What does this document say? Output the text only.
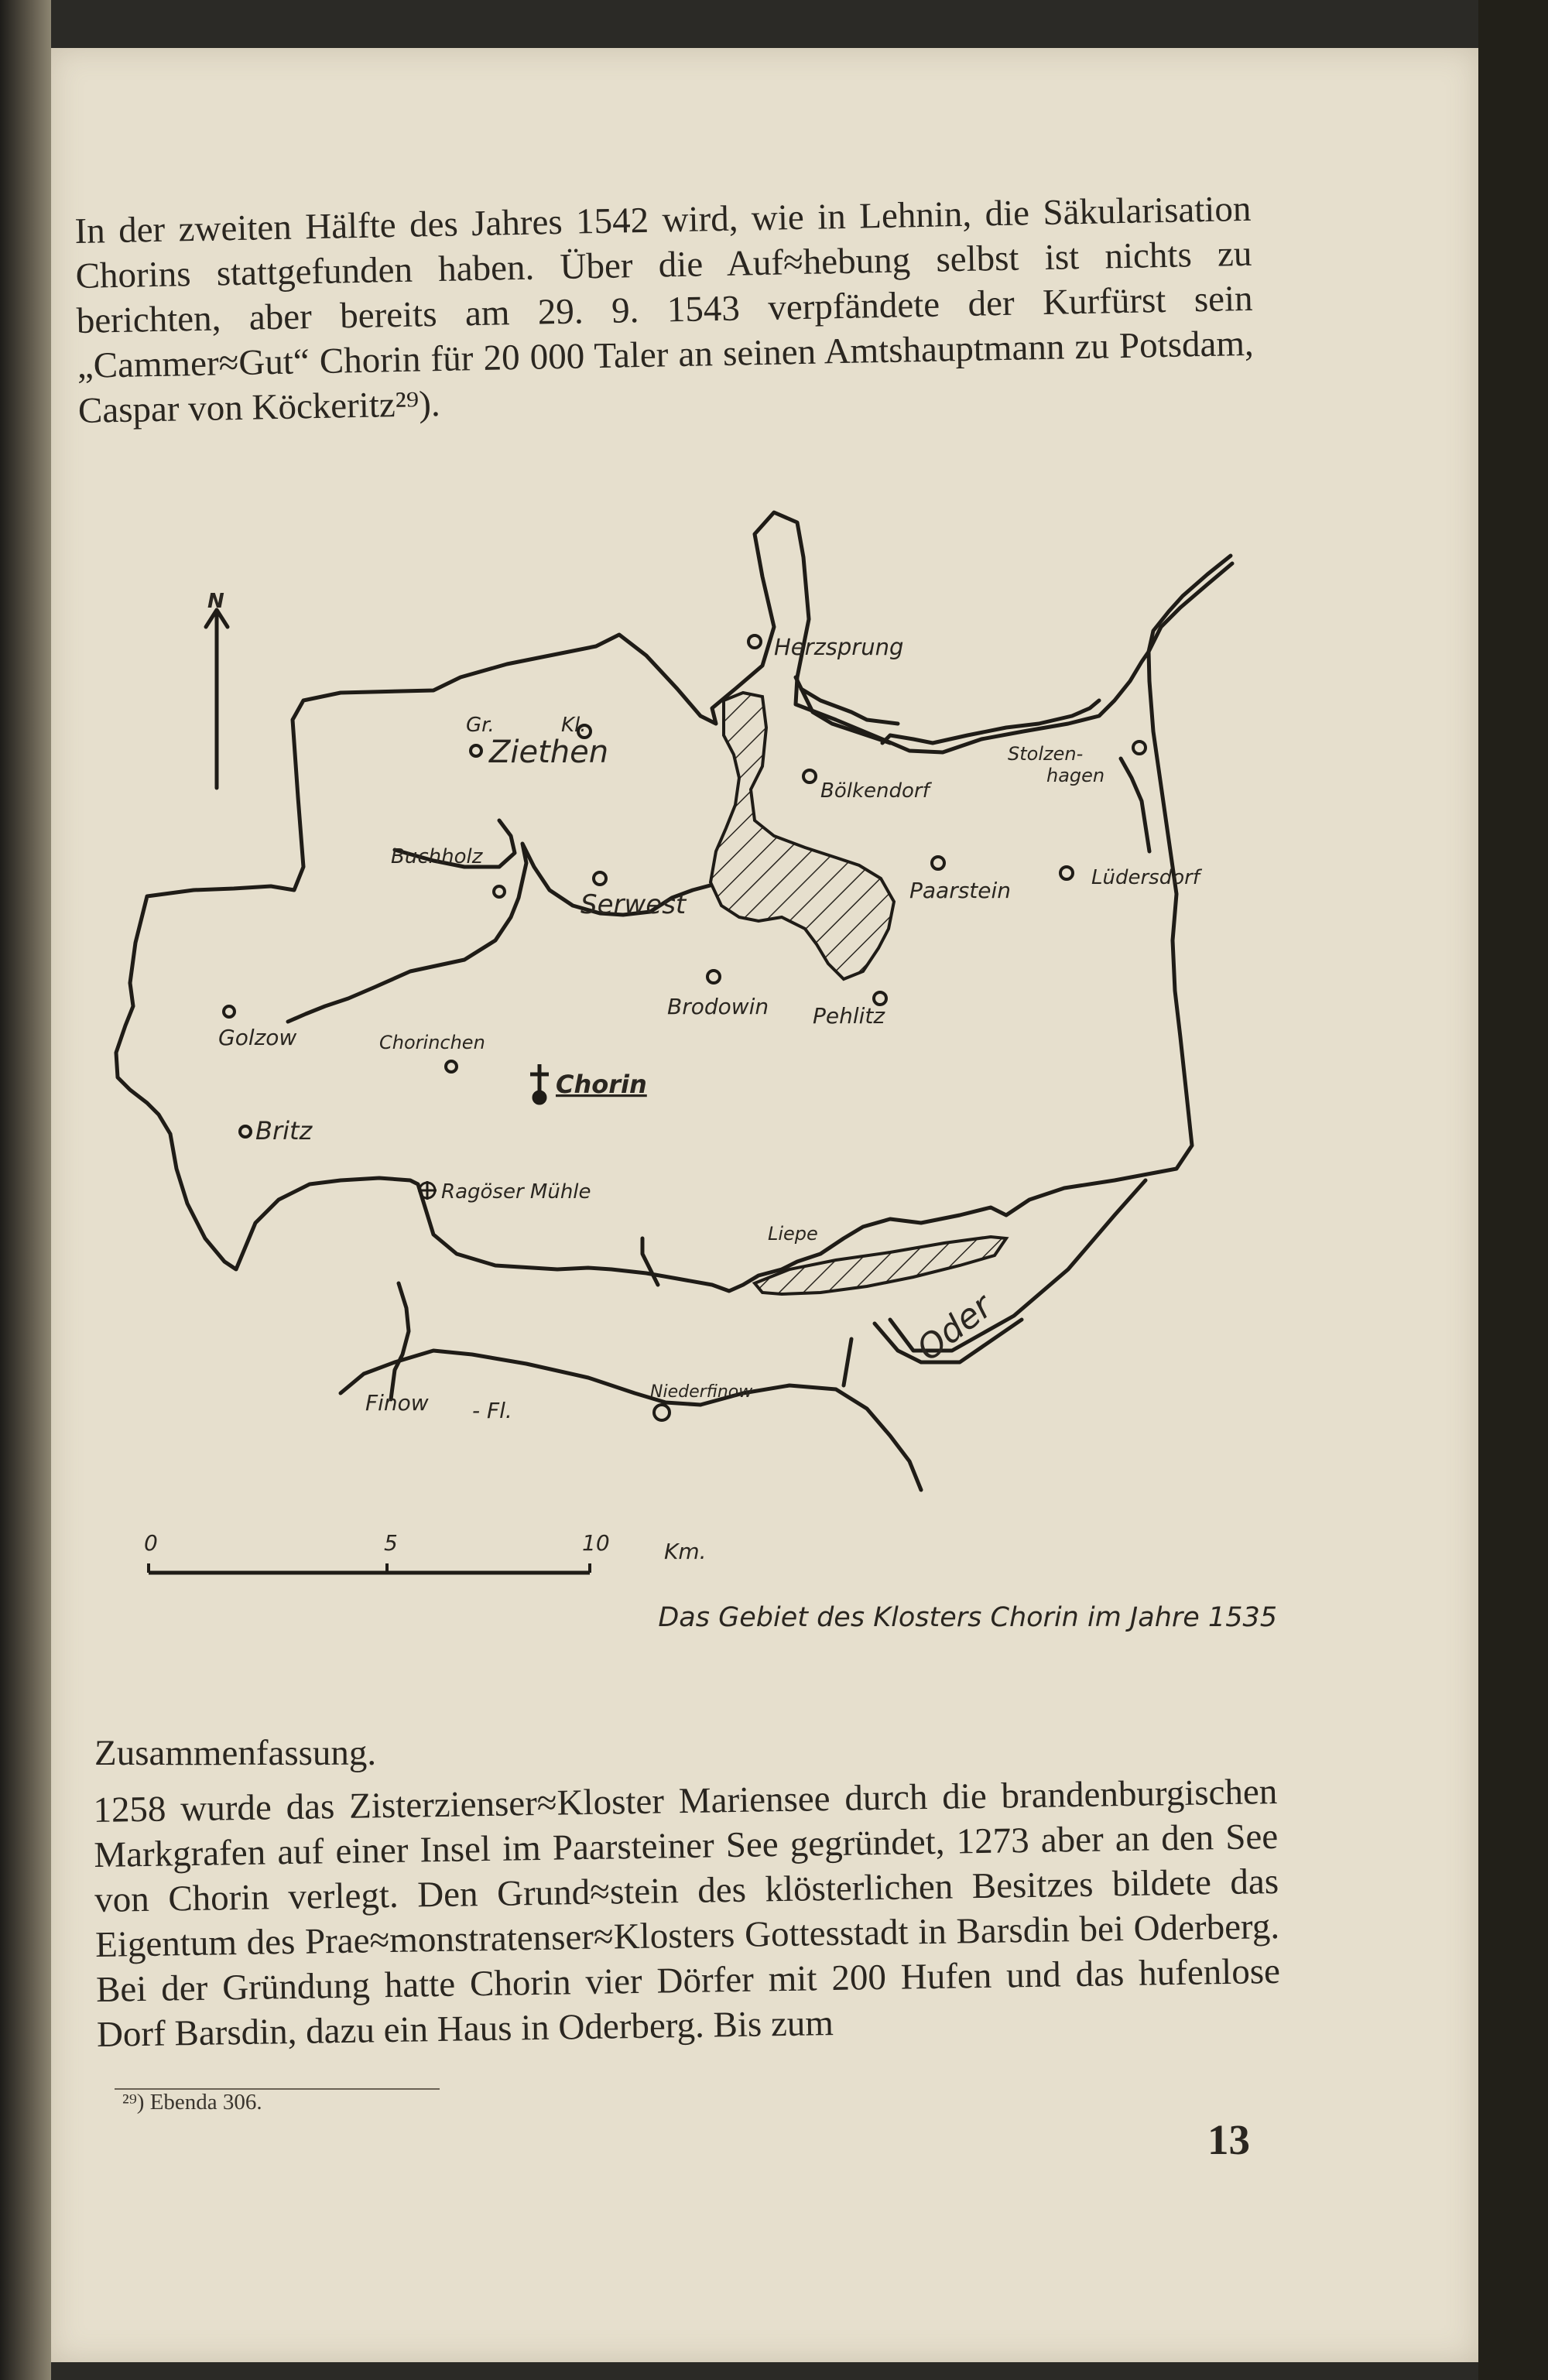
In der zweiten Hälfte des Jahres 1542 wird, wie in Lehnin, die Säkularisation Chorins stattgefunden haben. Über die Auf≈hebung selbst ist nichts zu berichten, aber bereits am 29. 9. 1543 verpfändete der Kurfürst sein „Cammer≈Gut“ Chorin für 20 000 Taler an seinen Amtshauptmann zu Potsdam, Caspar von Köckeritz²⁹).

Herzsprung
Gr.	Kl.
Ziethen
Bölkendorf
Stolzen-
hagen
Buchholz
Serwest	Paarstein	Lüdersdorf
Golzow	Chorinchen
Brodowin Pehlitz
Chorin
Britz
Ragöser Mühle
Liepe
Oder
Finow - Fl.
Niederfinow
N
0	5	10	Km.

Das Gebiet des Klosters Chorin im Jahre 1535

Zusammenfassung.

1258 wurde das Zisterzienser≈Kloster Mariensee durch die brandenburgischen Markgrafen auf einer Insel im Paarsteiner See gegründet, 1273 aber an den See von Chorin verlegt. Den Grund≈stein des klösterlichen Besitzes bildete das Eigentum des Prae≈monstratenser≈Klosters Gottesstadt in Barsdin bei Oderberg. Bei der Gründung hatte Chorin vier Dörfer mit 200 Hufen und das hufenlose Dorf Barsdin, dazu ein Haus in Oderberg. Bis zum

²⁹) Ebenda 306.

13
